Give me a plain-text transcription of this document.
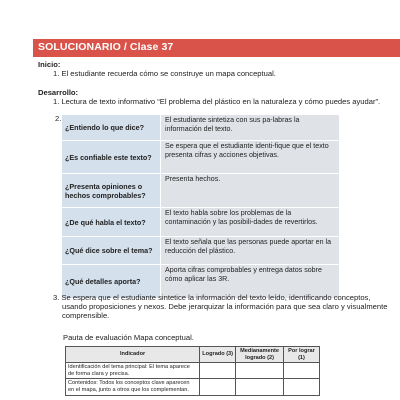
SOLUCIONARIO / Clase 37
Inicio:
1. El estudiante recuerda cómo se construye un mapa conceptual.
Desarrollo:
1. Lectura de texto informativo “El problema del plástico en la naturaleza y cómo puedes ayudar”.
2.
¿Entiendo lo que dice?
El estudiante sintetiza con sus pa-labras la información del texto.
¿Es confiable este texto?
Se espera que el estudiante identi-fique que el texto presenta cifras y acciones objetivas.
¿Presenta opiniones o hechos comprobables?
Presenta hechos.
¿De qué habla el texto?
El texto habla sobre los problemas de la contaminación y las posibili-dades de revertirlos.
¿Qué dice sobre el tema?
El texto señala que las personas puede aportar en la reducción del plástico.
¿Qué detalles aporta?
Aporta cifras comprobables y entrega datos sobre cómo aplicar las 3R.
3. Se espera que el estudiante sintetice la información del texto leído, identificando conceptos,
usando proposiciones y nexos. Debe jerarquizar la información para que sea claro y visualmente
comprensible.
Pauta de evaluación Mapa conceptual.
Indicador	Logrado (3)	Medianamente logrado (2)	Por lograr (1)
Identificación del tema principal: El tema aparece de forma clara y precisa.			
Contenidos: Todos los conceptos clave aparecen en el mapa, junto a otros que los complementan.			
